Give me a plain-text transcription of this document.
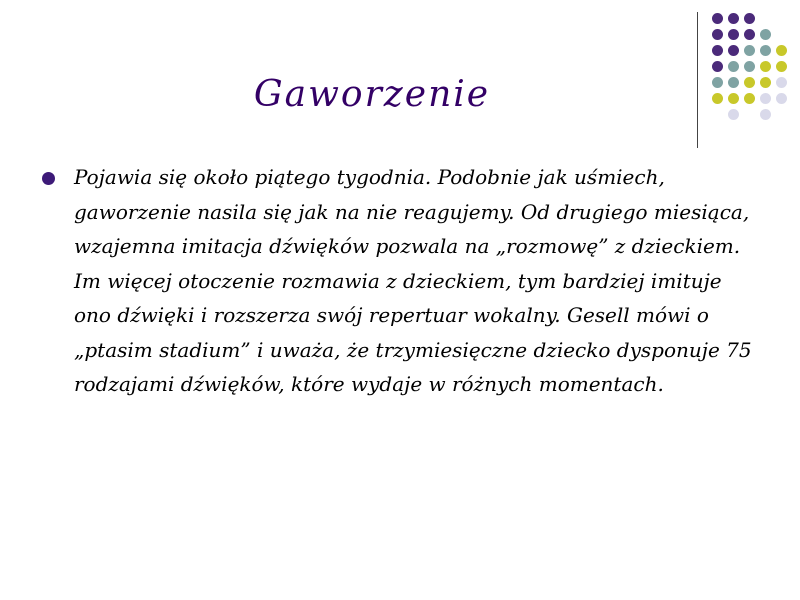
Gaworzenie

Pojawia się około piątego tygodnia. Podobnie jak uśmiech, gaworzenie nasila się jak na nie reagujemy. Od drugiego miesiąca, wzajemna imitacja dźwięków pozwala na „rozmowę” z dzieckiem. Im więcej otoczenie rozmawia z dzieckiem, tym bardziej imituje ono dźwięki i rozszerza swój repertuar wokalny. Gesell mówi o „ptasim stadium” i uważa, że trzymiesięczne dziecko dysponuje 75 rodzajami dźwięków, które wydaje w różnych momentach.
